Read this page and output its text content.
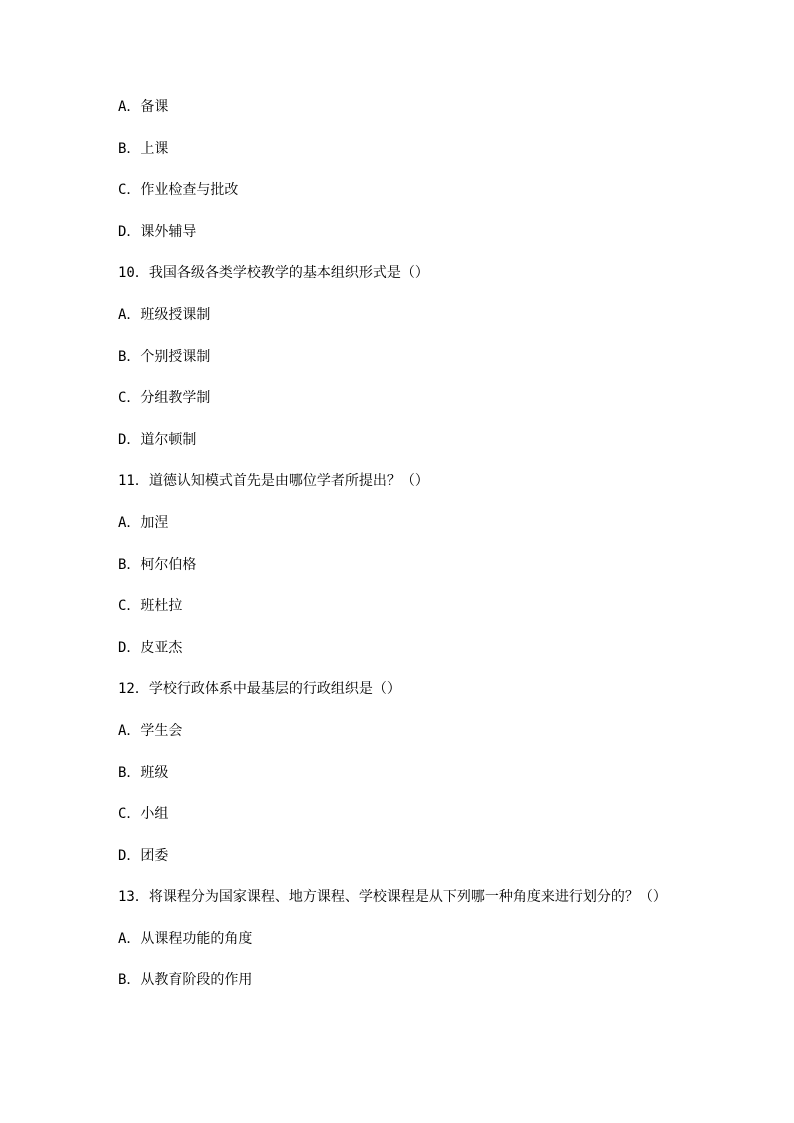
A．备课
B．上课
C．作业检查与批改
D．课外辅导
10．我国各级各类学校教学的基本组织形式是（）
A．班级授课制
B．个别授课制
C．分组教学制
D．道尔顿制
11．道德认知模式首先是由哪位学者所提出？（）
A．加涅
B．柯尔伯格
C．班杜拉
D．皮亚杰
12．学校行政体系中最基层的行政组织是（）
A．学生会
B．班级
C．小组
D．团委
13．将课程分为国家课程、地方课程、学校课程是从下列哪一种角度来进行划分的？（）
A．从课程功能的角度
B．从教育阶段的作用
